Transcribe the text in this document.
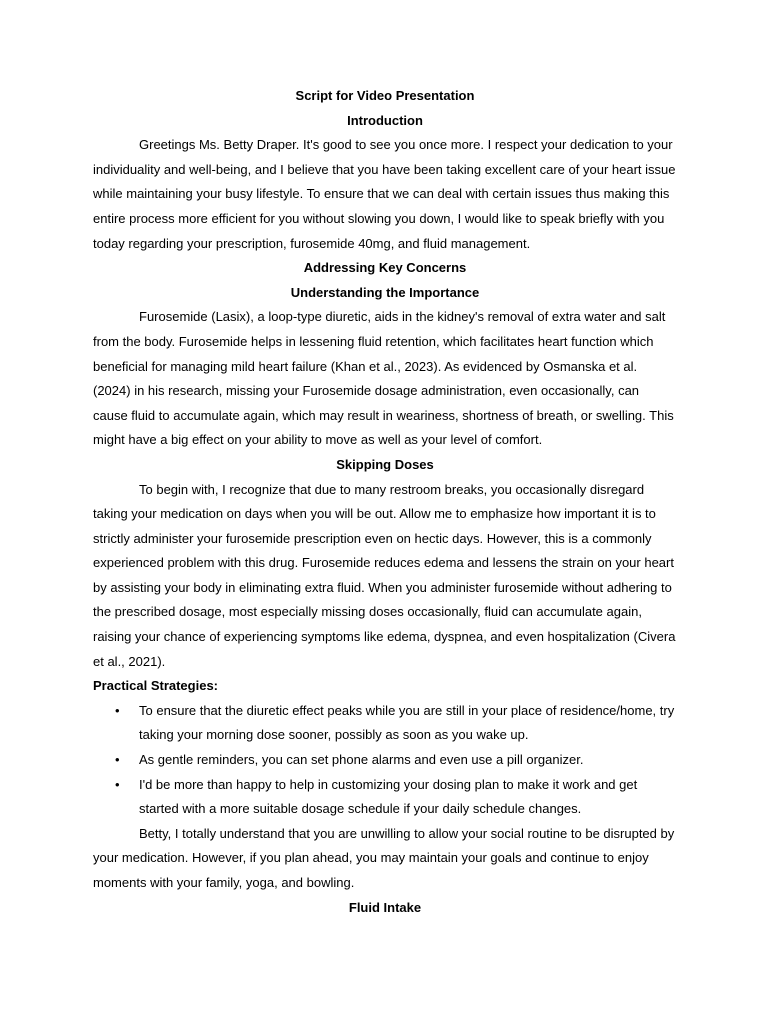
Script for Video Presentation

Introduction

Greetings Ms. Betty Draper. It's good to see you once more. I respect your dedication to your individuality and well-being, and I believe that you have been taking excellent care of your heart issue while maintaining your busy lifestyle. To ensure that we can deal with certain issues thus making this entire process more efficient for you without slowing you down, I would like to speak briefly with you today regarding your prescription, furosemide 40mg, and fluid management.

Addressing Key Concerns

Understanding the Importance

Furosemide (Lasix), a loop-type diuretic, aids in the kidney's removal of extra water and salt from the body. Furosemide helps in lessening fluid retention, which facilitates heart function which beneficial for managing mild heart failure (Khan et al., 2023). As evidenced by Osmanska et al. (2024) in his research, missing your Furosemide dosage administration, even occasionally, can cause fluid to accumulate again, which may result in weariness, shortness of breath, or swelling. This might have a big effect on your ability to move as well as your level of comfort.

Skipping Doses

To begin with, I recognize that due to many restroom breaks, you occasionally disregard taking your medication on days when you will be out. Allow me to emphasize how important it is to strictly administer your furosemide prescription even on hectic days. However, this is a commonly experienced problem with this drug. Furosemide reduces edema and lessens the strain on your heart by assisting your body in eliminating extra fluid. When you administer furosemide without adhering to the prescribed dosage, most especially missing doses occasionally, fluid can accumulate again, raising your chance of experiencing symptoms like edema, dyspnea, and even hospitalization (Civera et al., 2021).

Practical Strategies:

• To ensure that the diuretic effect peaks while you are still in your place of residence/home, try taking your morning dose sooner, possibly as soon as you wake up.
• As gentle reminders, you can set phone alarms and even use a pill organizer.
• I'd be more than happy to help in customizing your dosing plan to make it work and get started with a more suitable dosage schedule if your daily schedule changes.

Betty, I totally understand that you are unwilling to allow your social routine to be disrupted by your medication. However, if you plan ahead, you may maintain your goals and continue to enjoy moments with your family, yoga, and bowling.

Fluid Intake
